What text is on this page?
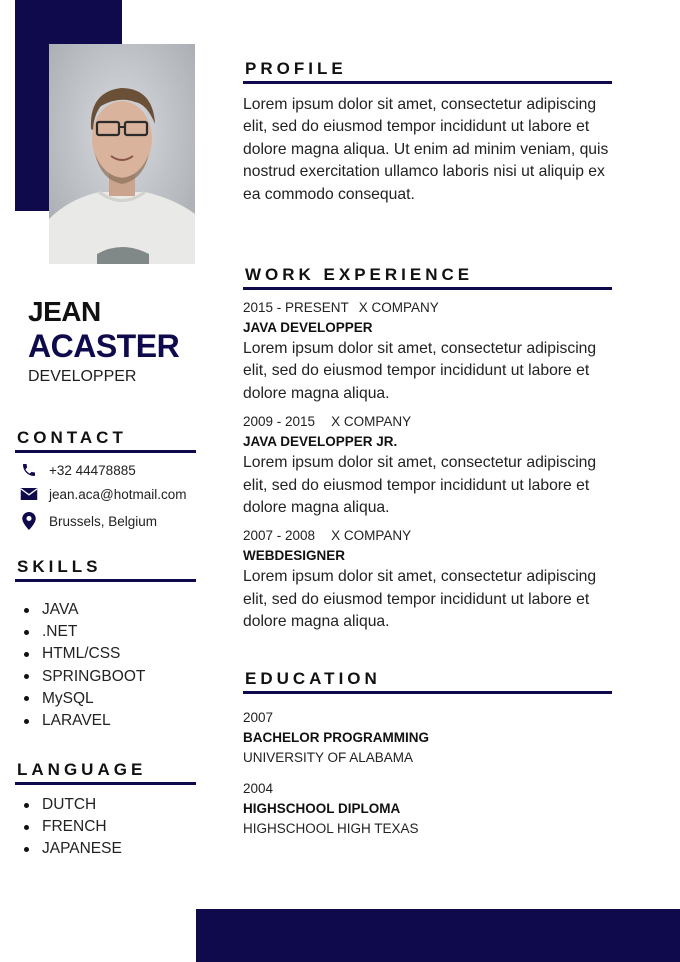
JEAN
ACASTER
DEVELOPPER
CONTACT
+32 44478885
jean.aca@hotmail.com
Brussels, Belgium
SKILLS
JAVA
.NET
HTML/CSS
SPRINGBOOT
MySQL
LARAVEL
LANGUAGE
DUTCH
FRENCH
JAPANESE
PROFILE
Lorem ipsum dolor sit amet, consectetur adipiscing elit, sed do eiusmod tempor incididunt ut labore et dolore magna aliqua. Ut enim ad minim veniam, quis nostrud exercitation ullamco laboris nisi ut aliquip ex ea commodo consequat.
WORK EXPERIENCE
2015 - PRESENT X COMPANY
JAVA DEVELOPPER
Lorem ipsum dolor sit amet, consectetur adipiscing elit, sed do eiusmod tempor incididunt ut labore et dolore magna aliqua.
2009 - 2015 X COMPANY
JAVA DEVELOPPER JR.
Lorem ipsum dolor sit amet, consectetur adipiscing elit, sed do eiusmod tempor incididunt ut labore et dolore magna aliqua.
2007 - 2008 X COMPANY
WEBDESIGNER
Lorem ipsum dolor sit amet, consectetur adipiscing elit, sed do eiusmod tempor incididunt ut labore et dolore magna aliqua.
EDUCATION
2007
BACHELOR PROGRAMMING
UNIVERSITY OF ALABAMA
2004
HIGHSCHOOL DIPLOMA
HIGHSCHOOL HIGH TEXAS
